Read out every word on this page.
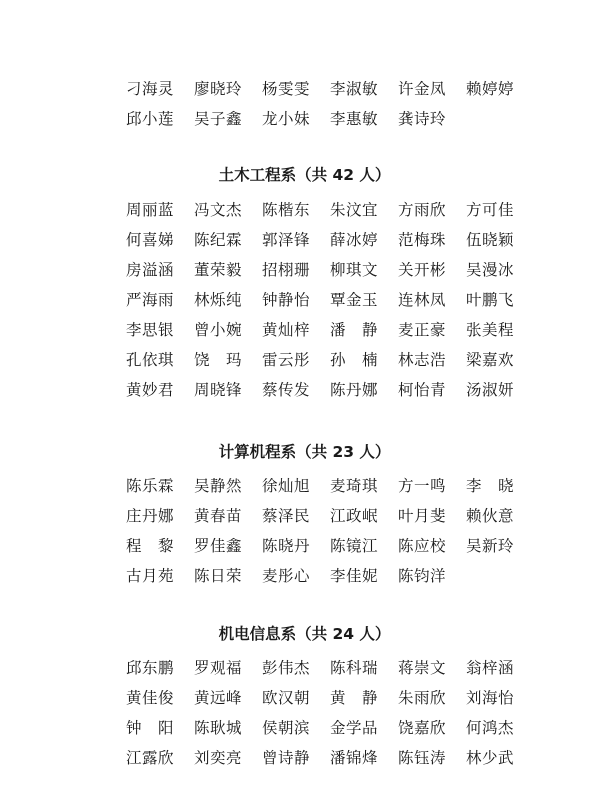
刁海灵 廖晓玲 杨雯雯 李淑敏 许金凤 赖婷婷
邱小莲 吴子鑫 龙小妹 李惠敏 龚诗玲
土木工程系（共 42 人）
周丽蓝 冯文杰 陈楷东 朱汶宜 方雨欣 方可佳
何喜娣 陈纪霖 郭泽锋 薛冰婷 范梅珠 伍晓颖
房溢涵 董荣毅 招栩珊 柳琪文 关开彬 吴漫冰
严海雨 林烁纯 钟静怡 覃金玉 连林凤 叶鹏飞
李思银 曾小婉 黄灿梓 潘　静 麦正豪 张美程
孔依琪 饶　玛 雷云彤 孙　楠 林志浩 梁嘉欢
黄妙君 周晓锋 蔡传发 陈丹娜 柯怡青 汤淑妍
计算机程系（共 23 人）
陈乐霖 吴静然 徐灿旭 麦琦琪 方一鸣 李　晓
庄丹娜 黄春苗 蔡泽民 江政岷 叶月斐 赖伙意
程　黎 罗佳鑫 陈晓丹 陈镜江 陈应校 吴新玲
古月苑 陈日荣 麦彤心 李佳妮 陈钧洋
机电信息系（共 24 人）
邱东鹏 罗观福 彭伟杰 陈科瑞 蒋崇文 翁梓涵
黄佳俊 黄远峰 欧汉朝 黄　静 朱雨欣 刘海怡
钟　阳 陈耿城 侯朝滨 金学品 饶嘉欣 何鸿杰
江露欣 刘奕亮 曾诗静 潘锦烽 陈钰涛 林少武
